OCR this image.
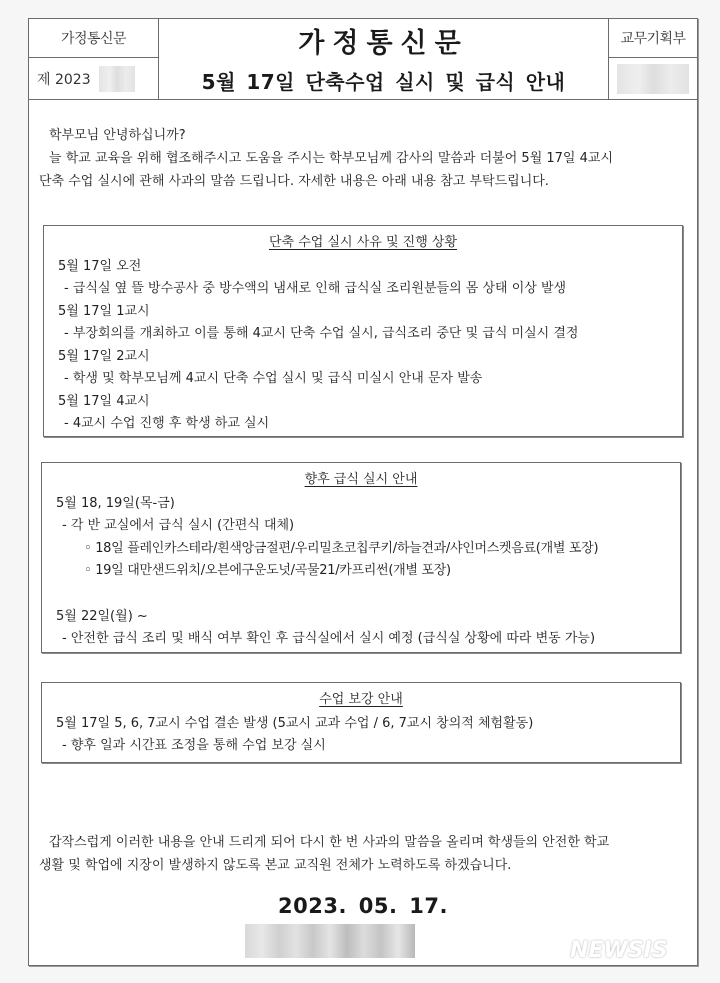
가정통신문
제 2023
가정통신문
5월 17일 단축수업 실시 및 급식 안내
교무기획부
학부모님 안녕하십니까?
늘 학교 교육을 위해 협조해주시고 도움을 주시는 학부모님께 감사의 말씀과 더불어 5월 17일 4교시
단축 수업 실시에 관해 사과의 말씀 드립니다. 자세한 내용은 아래 내용 참고 부탁드립니다.
단축 수업 실시 사유 및 진행 상황
5월 17일 오전
- 급식실 옆 뜰 방수공사 중 방수액의 냄새로 인해 급식실 조리원분들의 몸 상태 이상 발생
5월 17일 1교시
- 부장회의를 개최하고 이를 통해 4교시 단축 수업 실시, 급식조리 중단 및 급식 미실시 결정
5월 17일 2교시
- 학생 및 학부모님께 4교시 단축 수업 실시 및 급식 미실시 안내 문자 발송
5월 17일 4교시
- 4교시 수업 진행 후 학생 하교 실시
향후 급식 실시 안내
5월 18, 19일(목-금)
- 각 반 교실에서 급식 실시 (간편식 대체)
◦ 18일 플레인카스테라/흰색앙금절편/우리밀초코칩쿠키/하늘견과/샤인머스켓음료(개별 포장)
◦ 19일 대만샌드위치/오븐에구운도넛/곡물21/카프리썬(개별 포장)
5월 22일(월) ~
- 안전한 급식 조리 및 배식 여부 확인 후 급식실에서 실시 예정 (급식실 상황에 따라 변동 가능)
수업 보강 안내
5월 17일 5, 6, 7교시 수업 결손 발생 (5교시 교과 수업 / 6, 7교시 창의적 체험활동)
- 향후 일과 시간표 조정을 통해 수업 보강 실시
갑작스럽게 이러한 내용을 안내 드리게 되어 다시 한 번 사과의 말씀을 올리며 학생들의 안전한 학교
생활 및 학업에 지장이 발생하지 않도록 본교 교직원 전체가 노력하도록 하겠습니다.
2023. 05. 17.
NEWSIS
